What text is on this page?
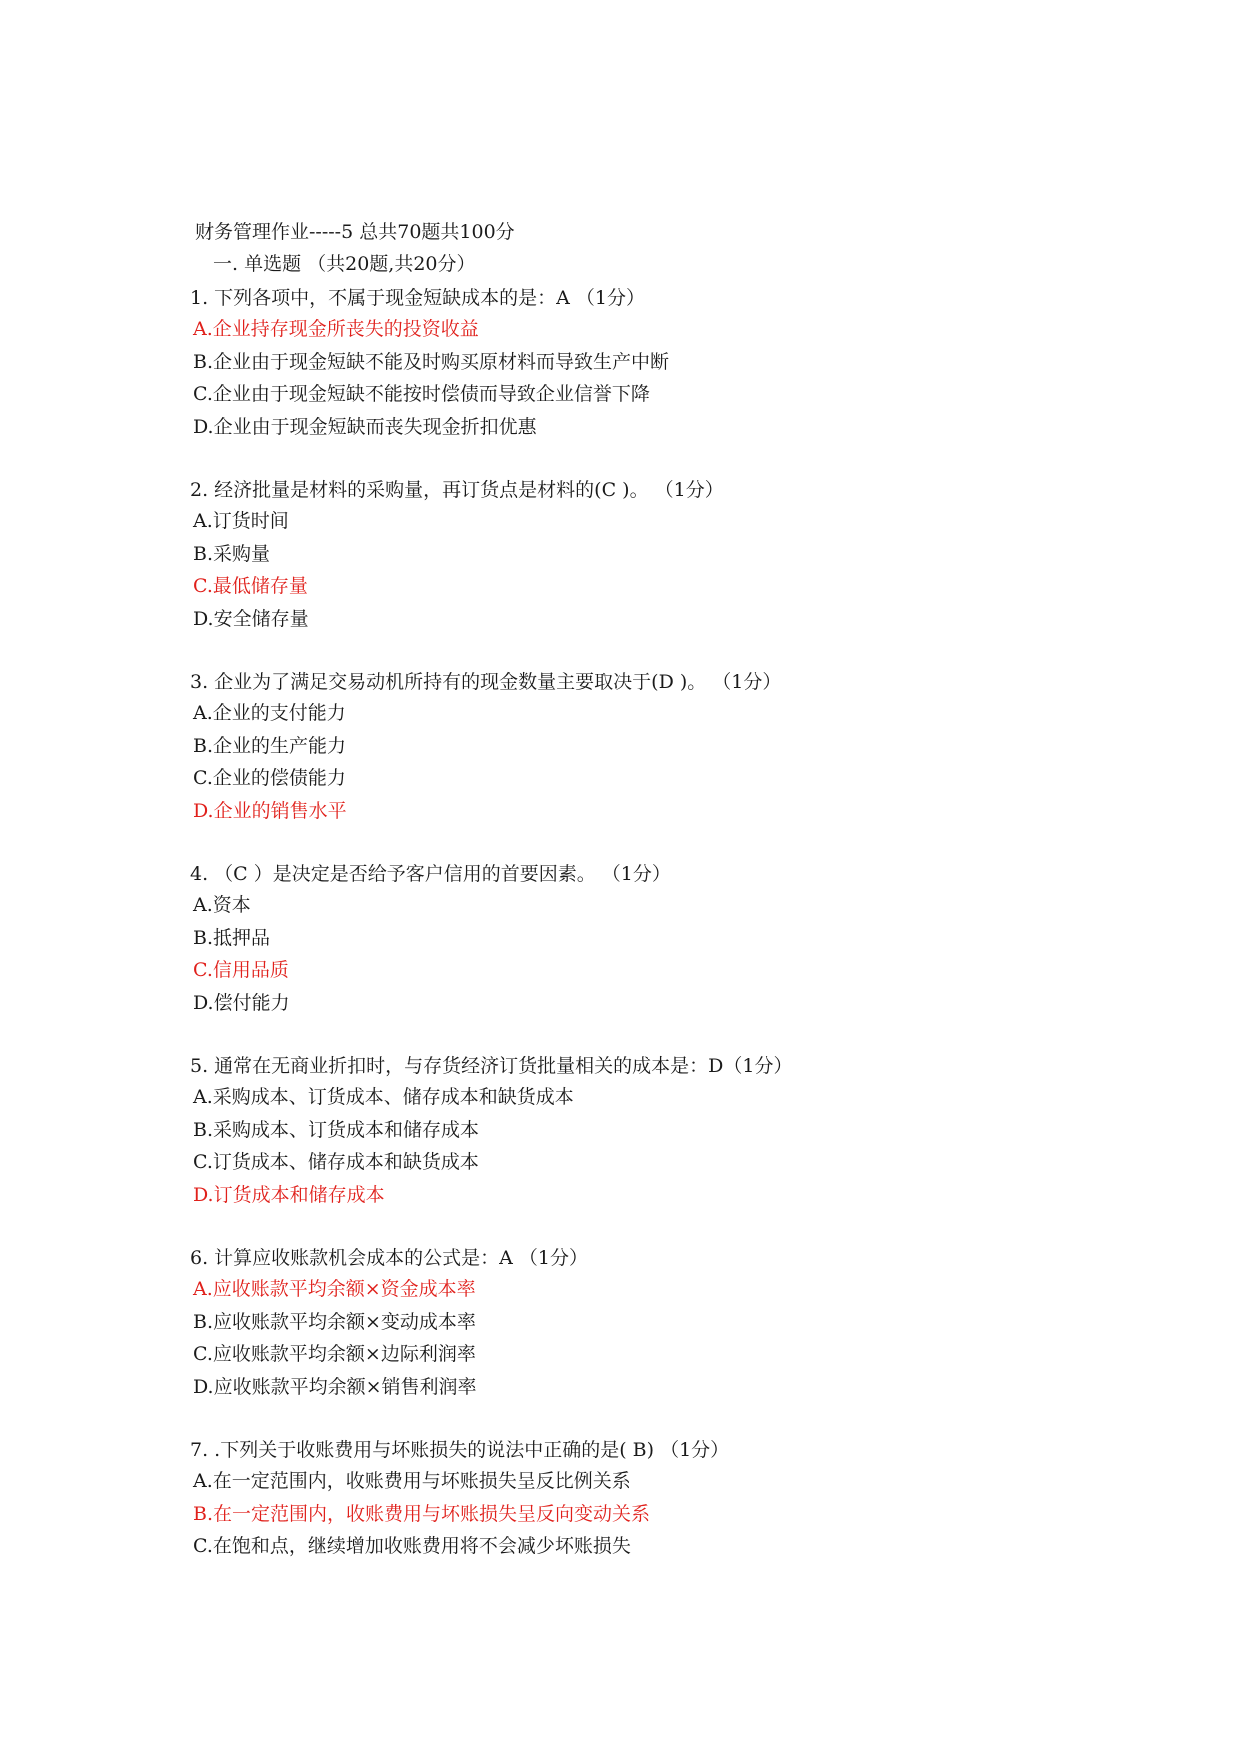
财务管理作业-----5 总共70题共100分
一. 单选题 （共20题,共20分）
1. 下列各项中，不属于现金短缺成本的是：A （1分）
A.企业持存现金所丧失的投资收益
B.企业由于现金短缺不能及时购买原材料而导致生产中断
C.企业由于现金短缺不能按时偿债而导致企业信誉下降
D.企业由于现金短缺而丧失现金折扣优惠
2. 经济批量是材料的采购量，再订货点是材料的(C )。 （1分）
A.订货时间
B.采购量
C.最低储存量
D.安全储存量
3. 企业为了满足交易动机所持有的现金数量主要取决于(D )。 （1分）
A.企业的支付能力
B.企业的生产能力
C.企业的偿债能力
D.企业的销售水平
4. （C ）是决定是否给予客户信用的首要因素。 （1分）
A.资本
B.抵押品
C.信用品质
D.偿付能力
5. 通常在无商业折扣时，与存货经济订货批量相关的成本是：D（1分）
A.采购成本、订货成本、储存成本和缺货成本
B.采购成本、订货成本和储存成本
C.订货成本、储存成本和缺货成本
D.订货成本和储存成本
6. 计算应收账款机会成本的公式是：A （1分）
A.应收账款平均余额×资金成本率
B.应收账款平均余额×变动成本率
C.应收账款平均余额×边际利润率
D.应收账款平均余额×销售利润率
7. .下列关于收账费用与坏账损失的说法中正确的是( B) （1分）
A.在一定范围内，收账费用与坏账损失呈反比例关系
B.在一定范围内，收账费用与坏账损失呈反向变动关系
C.在饱和点，继续增加收账费用将不会减少坏账损失
